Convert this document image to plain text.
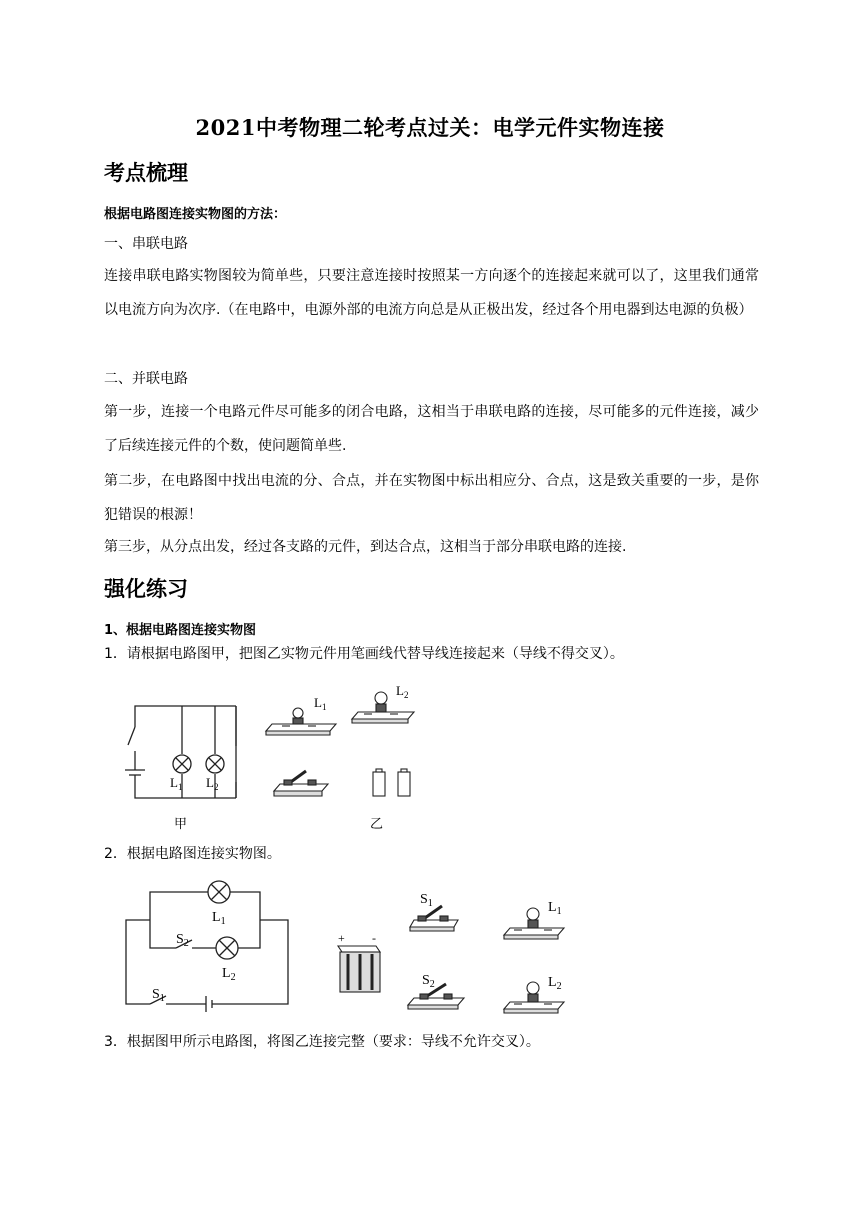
2021中考物理二轮考点过关：电学元件实物连接
考点梳理
根据电路图连接实物图的方法：

一、串联电路

连接串联电路实物图较为简单些，只要注意连接时按照某一方向逐个的连接起来就可以了，这里我们通常以电流方向为次序.（在电路中，电源外部的电流方向总是从正极出发，经过各个用电器到达电源的负极）

二、并联电路

第一步，连接一个电路元件尽可能多的闭合电路，这相当于串联电路的连接，尽可能多的元件连接，减少了后续连接元件的个数，使问题简单些.

第二步，在电路图中找出电流的分、合点，并在实物图中标出相应分、合点，这是致关重要的一步，是你犯错误的根源！

第三步，从分点出发，经过各支路的元件，到达合点，这相当于部分串联电路的连接.

强化练习
1、根据电路图连接实物图

1．请根据电路图甲，把图乙实物元件用笔画线代替导线连接起来（导线不得交叉）。

$L_1$ $L_2$
甲
$L_1$
$L_2$
乙

2．根据电路图连接实物图。

$L_1$
$L_2$
$S_2$
$S_1$
+ -
$S_1$
$S_2$
$L_1$
$L_2$

3．根据图甲所示电路图，将图乙连接完整（要求：导线不允许交叉）。
